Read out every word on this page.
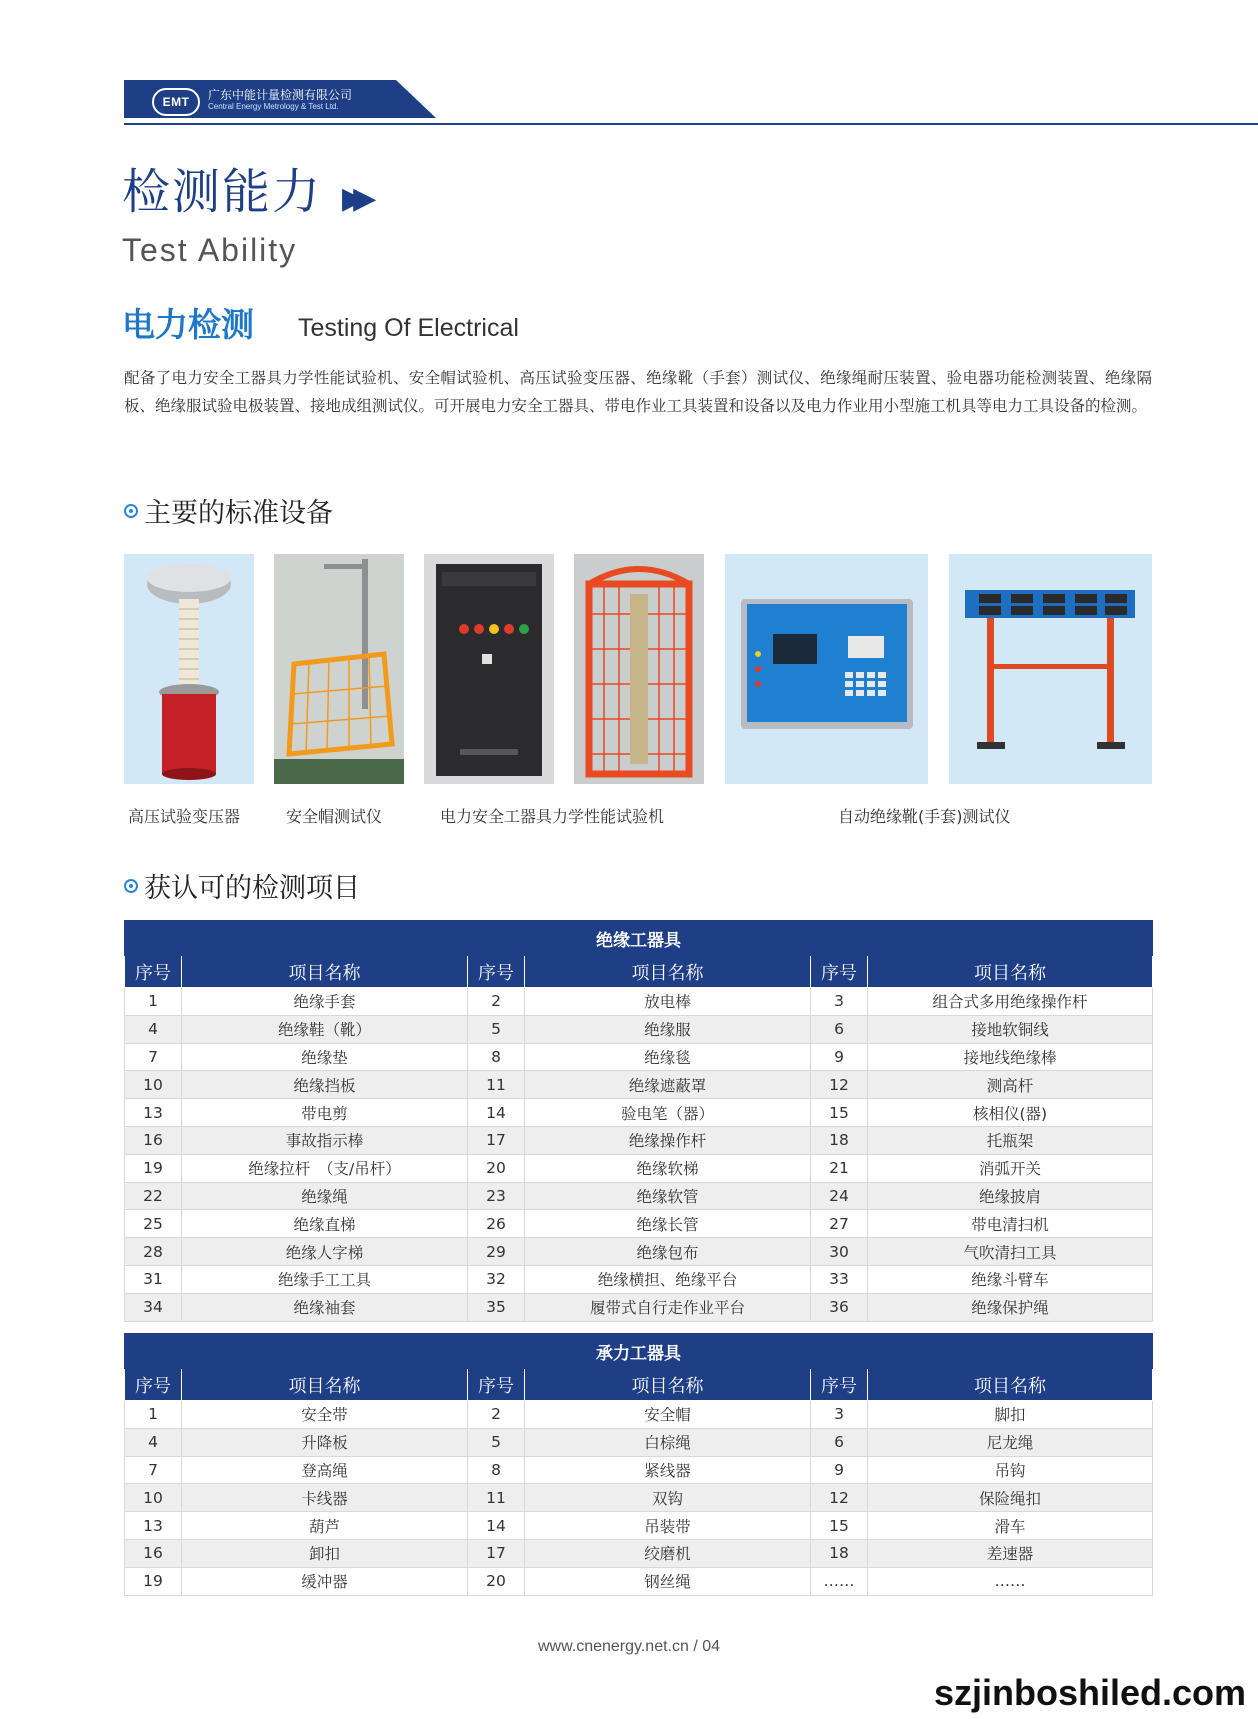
EMT	广东中能计量检测有限公司
Central Energy Metrology & Test Ltd.
检测能力 ▶▶
Test Ability
电力检测 Testing Of Electrical
配备了电力安全工器具力学性能试验机、安全帽试验机、高压试验变压器、绝缘靴（手套）测试仪、绝缘绳耐压装置、验电器功能检测装置、绝缘隔板、绝缘服试验电极装置、接地成组测试仪。可开展电力安全工器具、带电作业工具装置和设备以及电力作业用小型施工机具等电力工具设备的检测。
主要的标准设备
高压试验变压器	安全帽测试仪	电力安全工器具力学性能试验机	自动绝缘靴(手套)测试仪
获认可的检测项目
绝缘工器具					
序号	项目名称	序号	项目名称	序号	项目名称
1	绝缘手套	2	放电棒	3	组合式多用绝缘操作杆
4	绝缘鞋（靴）	5	绝缘服	6	接地软铜线
7	绝缘垫	8	绝缘毯	9	接地线绝缘棒
10	绝缘挡板	11	绝缘遮蔽罩	12	测高杆
13	带电剪	14	验电笔（器）	15	核相仪(器)
16	事故指示棒	17	绝缘操作杆	18	托瓶架
19	绝缘拉杆　（支/吊杆）	20	绝缘软梯	21	消弧开关
22	绝缘绳	23	绝缘软管	24	绝缘披肩
25	绝缘直梯	26	绝缘长管	27	带电清扫机
28	绝缘人字梯	29	绝缘包布	30	气吹清扫工具
31	绝缘手工工具	32	绝缘横担、绝缘平台	33	绝缘斗臂车
34	绝缘袖套	35	履带式自行走作业平台	36	绝缘保护绳
承力工器具					
序号	项目名称	序号	项目名称	序号	项目名称
1	安全带	2	安全帽	3	脚扣
4	升降板	5	白棕绳	6	尼龙绳
7	登高绳	8	紧线器	9	吊钩
10	卡线器	11	双钩	12	保险绳扣
13	葫芦	14	吊装带	15	滑车
16	卸扣	17	绞磨机	18	差速器
19	缓冲器	20	钢丝绳	……	……
www.cnenergy.net.cn / 04
szjinboshiled.com
